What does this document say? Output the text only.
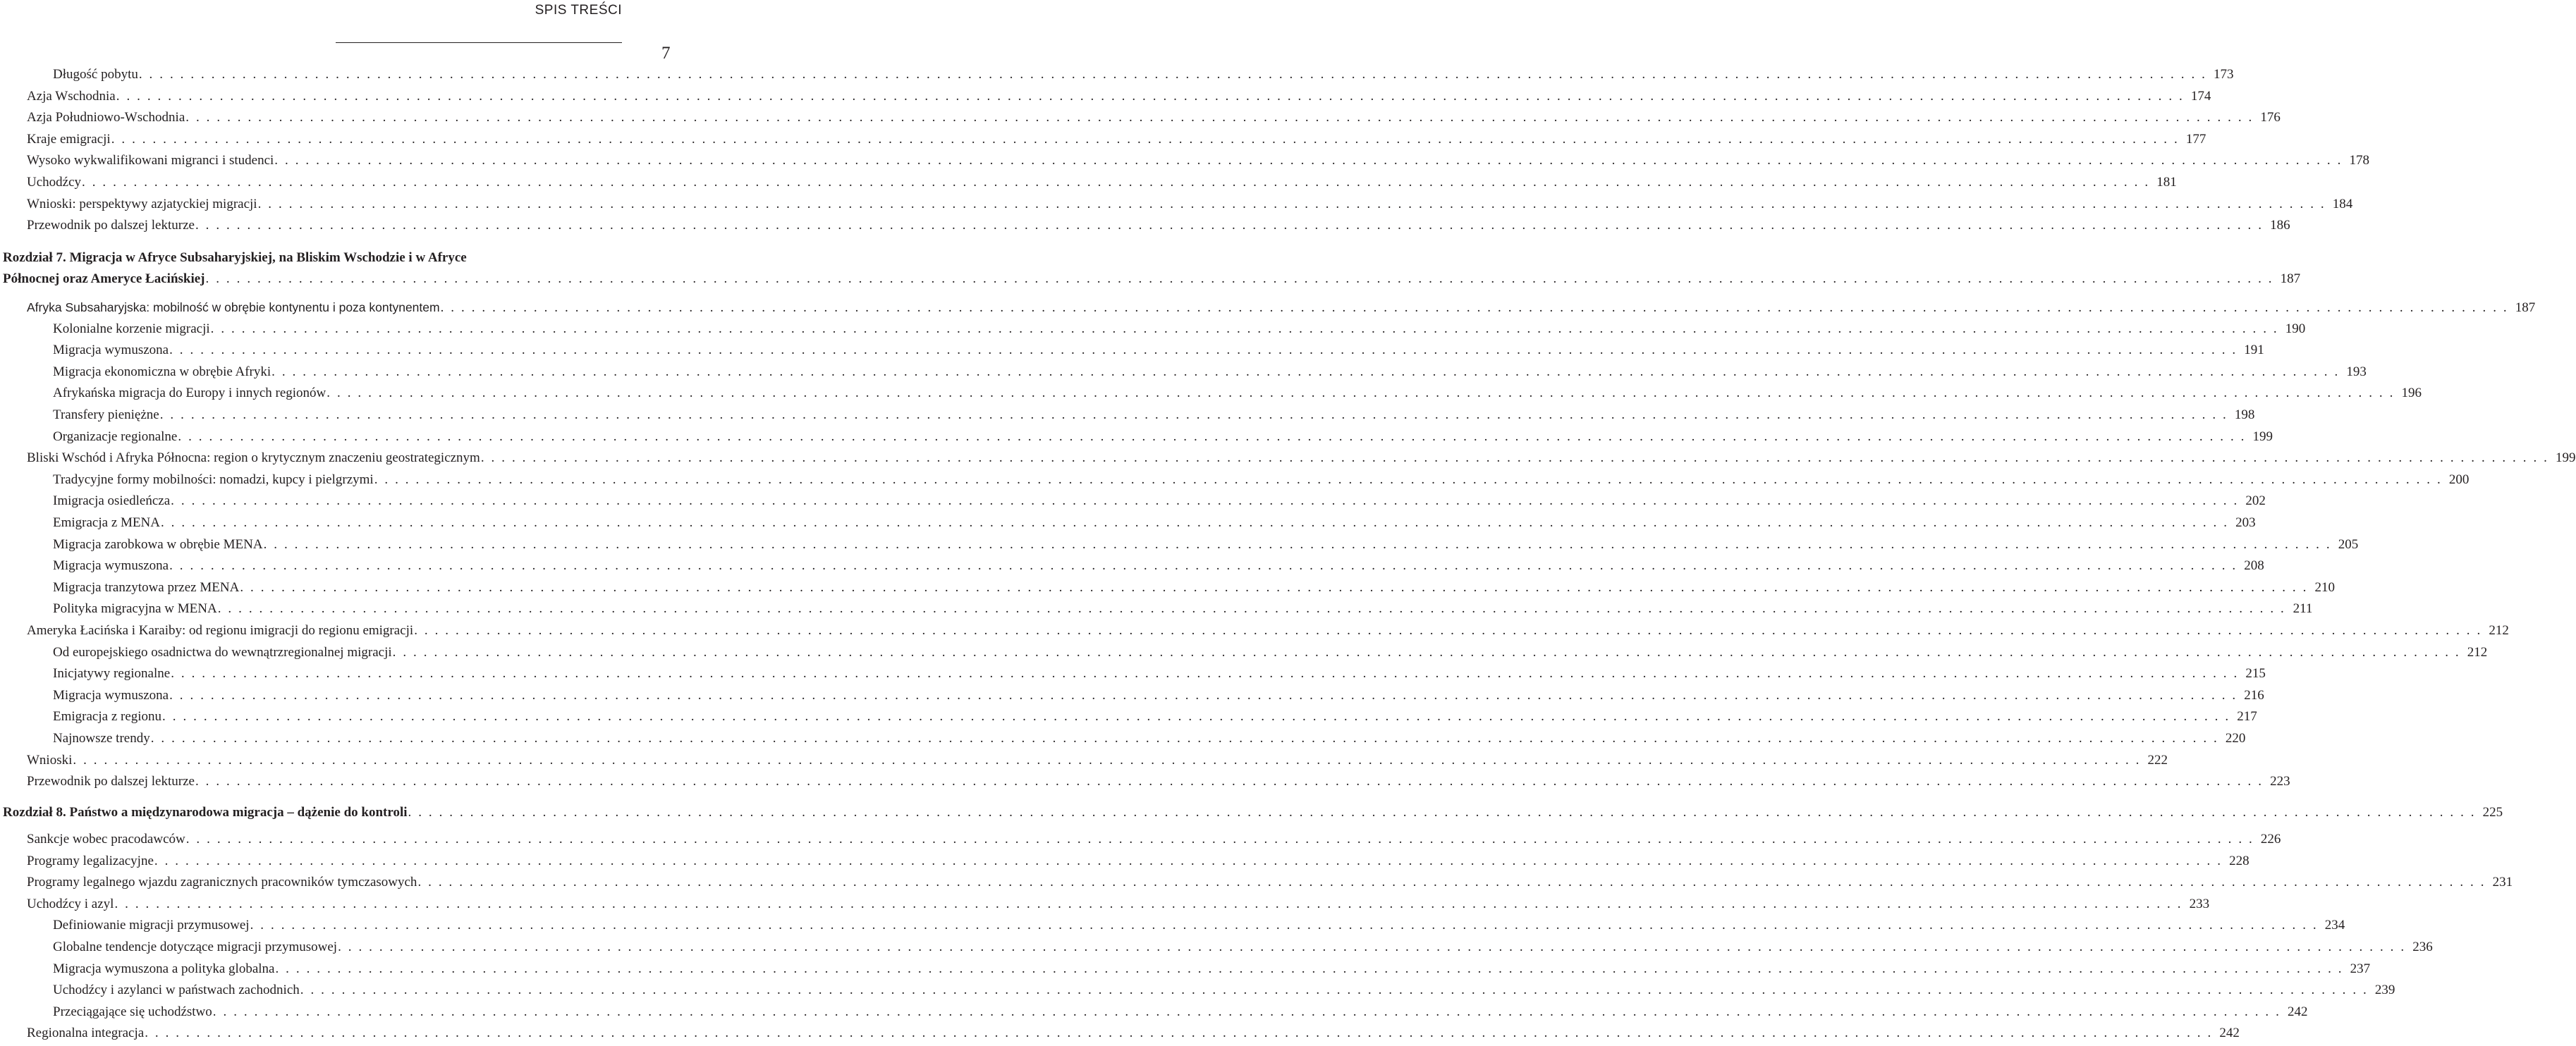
SPIS TREŚCI
7
Rozdział 7. Migracja w Afryce Subsaharyjskiej, na Bliskim Wschodzie i w Afryce
Północnej oraz Ameryce Łacińskiej . . . . . . . . . . . . . . . . . . . . . . . . . . . . . . . . . . . . . . . . . . . . . . . . . . . . . . . . . . . . . . . . . . . . . . . . . . . . . . . . . . . . . . . . . . . . . . . . . . . . . . . . . . . . . . . . . . . . . . . . . . . . . . . . . . . . . . . . . . . . . . . . . . . . . . . . . . . . . . . . . . . . . . . . . . . . . . . . . . . . . . . . . . . . . . . . . . . . . . . . 187
Długość pobytu . . . . . . . . . . . . . . . . . . . . . . . . . . . . . . . . . . . . . . . . . . . . . . . . . . . . . . . . . . . . . . . . . . . . . . . . . . . . . . . . . . . . . . . . . . . . . . . . . . . . . . . . . . . . . . . . . . . . . . . . . . . . . . . . . . . . . . . . . . . . . . . . . . . . . . . . . . . . . . . . . . . . . . . . . . . . . . . . . . . . . . . . . . . . . . . . . . . . . . . . 173
Azja Wschodnia . . . . . . . . . . . . . . . . . . . . . . . . . . . . . . . . . . . . . . . . . . . . . . . . . . . . . . . . . . . . . . . . . . . . . . . . . . . . . . . . . . . . . . . . . . . . . . . . . . . . . . . . . . . . . . . . . . . . . . . . . . . . . . . . . . . . . . . . . . . . . . . . . . . . . . . . . . . . . . . . . . . . . . . . . . . . . . . . . . . . . . . . . . . . . . . . . . . . . . . . 174
Azja Południowo-Wschodnia . . . . . . . . . . . . . . . . . . . . . . . . . . . . . . . . . . . . . . . . . . . . . . . . . . . . . . . . . . . . . . . . . . . . . . . . . . . . . . . . . . . . . . . . . . . . . . . . . . . . . . . . . . . . . . . . . . . . . . . . . . . . . . . . . . . . . . . . . . . . . . . . . . . . . . . . . . . . . . . . . . . . . . . . . . . . . . . . . . . . . . . . . . . . . . . . . . . . . . . . 176
Kraje emigracji . . . . . . . . . . . . . . . . . . . . . . . . . . . . . . . . . . . . . . . . . . . . . . . . . . . . . . . . . . . . . . . . . . . . . . . . . . . . . . . . . . . . . . . . . . . . . . . . . . . . . . . . . . . . . . . . . . . . . . . . . . . . . . . . . . . . . . . . . . . . . . . . . . . . . . . . . . . . . . . . . . . . . . . . . . . . . . . . . . . . . . . . . . . . . . . . . . . . . . . . 177
Wysoko wykwalifikowani migranci i studenci . . . . . . . . . . . . . . . . . . . . . . . . . . . . . . . . . . . . . . . . . . . . . . . . . . . . . . . . . . . . . . . . . . . . . . . . . . . . . . . . . . . . . . . . . . . . . . . . . . . . . . . . . . . . . . . . . . . . . . . . . . . . . . . . . . . . . . . . . . . . . . . . . . . . . . . . . . . . . . . . . . . . . . . . . . . . . . . . . . . . . . . . . . . . . . . . . . . . . . . . 178
Uchodźcy . . . . . . . . . . . . . . . . . . . . . . . . . . . . . . . . . . . . . . . . . . . . . . . . . . . . . . . . . . . . . . . . . . . . . . . . . . . . . . . . . . . . . . . . . . . . . . . . . . . . . . . . . . . . . . . . . . . . . . . . . . . . . . . . . . . . . . . . . . . . . . . . . . . . . . . . . . . . . . . . . . . . . . . . . . . . . . . . . . . . . . . . . . . . . . . . . . . . . . . . 181
Wnioski: perspektywy azjatyckiej migracji . . . . . . . . . . . . . . . . . . . . . . . . . . . . . . . . . . . . . . . . . . . . . . . . . . . . . . . . . . . . . . . . . . . . . . . . . . . . . . . . . . . . . . . . . . . . . . . . . . . . . . . . . . . . . . . . . . . . . . . . . . . . . . . . . . . . . . . . . . . . . . . . . . . . . . . . . . . . . . . . . . . . . . . . . . . . . . . . . . . . . . . . . . . . . . . . . . . . . . . . 184
Przewodnik po dalszej lekturze . . . . . . . . . . . . . . . . . . . . . . . . . . . . . . . . . . . . . . . . . . . . . . . . . . . . . . . . . . . . . . . . . . . . . . . . . . . . . . . . . . . . . . . . . . . . . . . . . . . . . . . . . . . . . . . . . . . . . . . . . . . . . . . . . . . . . . . . . . . . . . . . . . . . . . . . . . . . . . . . . . . . . . . . . . . . . . . . . . . . . . . . . . . . . . . . . . . . . . . . 186
Afryka Subsaharyjska: mobilność w obrębie kontynentu i poza kontynentem . . . . . . . . . . . . . . . . . . . . . . . . . . . . . . . . . . . . . . . . . . . . . . . . . . . . . . . . . . . . . . . . . . . . . . . . . . . . . . . . . . . . . . . . . . . . . . . . . . . . . . . . . . . . . . . . . . . . . . . . . . . . . . . . . . . . . . . . . . . . . . . . . . . . . . . . . . . . . . . . . . . . . . . . . . . . . . . . . . . . . . . . . . . . . . . . . . . . . . . . 187
Kolonialne korzenie migracji . . . . . . . . . . . . . . . . . . . . . . . . . . . . . . . . . . . . . . . . . . . . . . . . . . . . . . . . . . . . . . . . . . . . . . . . . . . . . . . . . . . . . . . . . . . . . . . . . . . . . . . . . . . . . . . . . . . . . . . . . . . . . . . . . . . . . . . . . . . . . . . . . . . . . . . . . . . . . . . . . . . . . . . . . . . . . . . . . . . . . . . . . . . . . . . . . . . . . . . . 190
Migracja wymuszona . . . . . . . . . . . . . . . . . . . . . . . . . . . . . . . . . . . . . . . . . . . . . . . . . . . . . . . . . . . . . . . . . . . . . . . . . . . . . . . . . . . . . . . . . . . . . . . . . . . . . . . . . . . . . . . . . . . . . . . . . . . . . . . . . . . . . . . . . . . . . . . . . . . . . . . . . . . . . . . . . . . . . . . . . . . . . . . . . . . . . . . . . . . . . . . . . . . . . . . . 191
Migracja ekonomiczna w obrębie Afryki . . . . . . . . . . . . . . . . . . . . . . . . . . . . . . . . . . . . . . . . . . . . . . . . . . . . . . . . . . . . . . . . . . . . . . . . . . . . . . . . . . . . . . . . . . . . . . . . . . . . . . . . . . . . . . . . . . . . . . . . . . . . . . . . . . . . . . . . . . . . . . . . . . . . . . . . . . . . . . . . . . . . . . . . . . . . . . . . . . . . . . . . . . . . . . . . . . . . . . . . 193
Afrykańska migracja do Europy i innych regionów . . . . . . . . . . . . . . . . . . . . . . . . . . . . . . . . . . . . . . . . . . . . . . . . . . . . . . . . . . . . . . . . . . . . . . . . . . . . . . . . . . . . . . . . . . . . . . . . . . . . . . . . . . . . . . . . . . . . . . . . . . . . . . . . . . . . . . . . . . . . . . . . . . . . . . . . . . . . . . . . . . . . . . . . . . . . . . . . . . . . . . . . . . . . . . . . . . . . . . . . 196
Transfery pieniężne . . . . . . . . . . . . . . . . . . . . . . . . . . . . . . . . . . . . . . . . . . . . . . . . . . . . . . . . . . . . . . . . . . . . . . . . . . . . . . . . . . . . . . . . . . . . . . . . . . . . . . . . . . . . . . . . . . . . . . . . . . . . . . . . . . . . . . . . . . . . . . . . . . . . . . . . . . . . . . . . . . . . . . . . . . . . . . . . . . . . . . . . . . . . . . . . . . . . . . . . 198
Organizacje regionalne . . . . . . . . . . . . . . . . . . . . . . . . . . . . . . . . . . . . . . . . . . . . . . . . . . . . . . . . . . . . . . . . . . . . . . . . . . . . . . . . . . . . . . . . . . . . . . . . . . . . . . . . . . . . . . . . . . . . . . . . . . . . . . . . . . . . . . . . . . . . . . . . . . . . . . . . . . . . . . . . . . . . . . . . . . . . . . . . . . . . . . . . . . . . . . . . . . . . . . . . 199
Bliski Wschód i Afryka Północna: region o krytycznym znaczeniu geostrategicznym . . . . . . . . . . . . . . . . . . . . . . . . . . . . . . . . . . . . . . . . . . . . . . . . . . . . . . . . . . . . . . . . . . . . . . . . . . . . . . . . . . . . . . . . . . . . . . . . . . . . . . . . . . . . . . . . . . . . . . . . . . . . . . . . . . . . . . . . . . . . . . . . . . . . . . . . . . . . . . . . . . . . . . . . . . . . . . . . . . . . . . . . . . . . . . . . . . . . . . . . 199
Tradycyjne formy mobilności: nomadzi, kupcy i pielgrzymi . . . . . . . . . . . . . . . . . . . . . . . . . . . . . . . . . . . . . . . . . . . . . . . . . . . . . . . . . . . . . . . . . . . . . . . . . . . . . . . . . . . . . . . . . . . . . . . . . . . . . . . . . . . . . . . . . . . . . . . . . . . . . . . . . . . . . . . . . . . . . . . . . . . . . . . . . . . . . . . . . . . . . . . . . . . . . . . . . . . . . . . . . . . . . . . . . . . . . . . . 200
Imigracja osiedleńcza . . . . . . . . . . . . . . . . . . . . . . . . . . . . . . . . . . . . . . . . . . . . . . . . . . . . . . . . . . . . . . . . . . . . . . . . . . . . . . . . . . . . . . . . . . . . . . . . . . . . . . . . . . . . . . . . . . . . . . . . . . . . . . . . . . . . . . . . . . . . . . . . . . . . . . . . . . . . . . . . . . . . . . . . . . . . . . . . . . . . . . . . . . . . . . . . . . . . . . . . 202
Emigracja z MENA . . . . . . . . . . . . . . . . . . . . . . . . . . . . . . . . . . . . . . . . . . . . . . . . . . . . . . . . . . . . . . . . . . . . . . . . . . . . . . . . . . . . . . . . . . . . . . . . . . . . . . . . . . . . . . . . . . . . . . . . . . . . . . . . . . . . . . . . . . . . . . . . . . . . . . . . . . . . . . . . . . . . . . . . . . . . . . . . . . . . . . . . . . . . . . . . . . . . . . . . 203
Migracja zarobkowa w obrębie MENA . . . . . . . . . . . . . . . . . . . . . . . . . . . . . . . . . . . . . . . . . . . . . . . . . . . . . . . . . . . . . . . . . . . . . . . . . . . . . . . . . . . . . . . . . . . . . . . . . . . . . . . . . . . . . . . . . . . . . . . . . . . . . . . . . . . . . . . . . . . . . . . . . . . . . . . . . . . . . . . . . . . . . . . . . . . . . . . . . . . . . . . . . . . . . . . . . . . . . . . . 205
Migracja wymuszona . . . . . . . . . . . . . . . . . . . . . . . . . . . . . . . . . . . . . . . . . . . . . . . . . . . . . . . . . . . . . . . . . . . . . . . . . . . . . . . . . . . . . . . . . . . . . . . . . . . . . . . . . . . . . . . . . . . . . . . . . . . . . . . . . . . . . . . . . . . . . . . . . . . . . . . . . . . . . . . . . . . . . . . . . . . . . . . . . . . . . . . . . . . . . . . . . . . . . . . . 208
Migracja tranzytowa przez MENA . . . . . . . . . . . . . . . . . . . . . . . . . . . . . . . . . . . . . . . . . . . . . . . . . . . . . . . . . . . . . . . . . . . . . . . . . . . . . . . . . . . . . . . . . . . . . . . . . . . . . . . . . . . . . . . . . . . . . . . . . . . . . . . . . . . . . . . . . . . . . . . . . . . . . . . . . . . . . . . . . . . . . . . . . . . . . . . . . . . . . . . . . . . . . . . . . . . . . . . . 210
Polityka migracyjna w MENA . . . . . . . . . . . . . . . . . . . . . . . . . . . . . . . . . . . . . . . . . . . . . . . . . . . . . . . . . . . . . . . . . . . . . . . . . . . . . . . . . . . . . . . . . . . . . . . . . . . . . . . . . . . . . . . . . . . . . . . . . . . . . . . . . . . . . . . . . . . . . . . . . . . . . . . . . . . . . . . . . . . . . . . . . . . . . . . . . . . . . . . . . . . . . . . . . . . . . . . . 211
Ameryka Łacińska i Karaiby: od regionu imigracji do regionu emigracji . . . . . . . . . . . . . . . . . . . . . . . . . . . . . . . . . . . . . . . . . . . . . . . . . . . . . . . . . . . . . . . . . . . . . . . . . . . . . . . . . . . . . . . . . . . . . . . . . . . . . . . . . . . . . . . . . . . . . . . . . . . . . . . . . . . . . . . . . . . . . . . . . . . . . . . . . . . . . . . . . . . . . . . . . . . . . . . . . . . . . . . . . . . . . . . . . . . . . . . . 212
Od europejskiego osadnictwa do wewnątrzregionalnej migracji . . . . . . . . . . . . . . . . . . . . . . . . . . . . . . . . . . . . . . . . . . . . . . . . . . . . . . . . . . . . . . . . . . . . . . . . . . . . . . . . . . . . . . . . . . . . . . . . . . . . . . . . . . . . . . . . . . . . . . . . . . . . . . . . . . . . . . . . . . . . . . . . . . . . . . . . . . . . . . . . . . . . . . . . . . . . . . . . . . . . . . . . . . . . . . . . . . . . . . . . 212
Inicjatywy regionalne . . . . . . . . . . . . . . . . . . . . . . . . . . . . . . . . . . . . . . . . . . . . . . . . . . . . . . . . . . . . . . . . . . . . . . . . . . . . . . . . . . . . . . . . . . . . . . . . . . . . . . . . . . . . . . . . . . . . . . . . . . . . . . . . . . . . . . . . . . . . . . . . . . . . . . . . . . . . . . . . . . . . . . . . . . . . . . . . . . . . . . . . . . . . . . . . . . . . . . . . 215
Migracja wymuszona . . . . . . . . . . . . . . . . . . . . . . . . . . . . . . . . . . . . . . . . . . . . . . . . . . . . . . . . . . . . . . . . . . . . . . . . . . . . . . . . . . . . . . . . . . . . . . . . . . . . . . . . . . . . . . . . . . . . . . . . . . . . . . . . . . . . . . . . . . . . . . . . . . . . . . . . . . . . . . . . . . . . . . . . . . . . . . . . . . . . . . . . . . . . . . . . . . . . . . . . 216
Emigracja z regionu . . . . . . . . . . . . . . . . . . . . . . . . . . . . . . . . . . . . . . . . . . . . . . . . . . . . . . . . . . . . . . . . . . . . . . . . . . . . . . . . . . . . . . . . . . . . . . . . . . . . . . . . . . . . . . . . . . . . . . . . . . . . . . . . . . . . . . . . . . . . . . . . . . . . . . . . . . . . . . . . . . . . . . . . . . . . . . . . . . . . . . . . . . . . . . . . . . . . . . . . 217
Najnowsze trendy . . . . . . . . . . . . . . . . . . . . . . . . . . . . . . . . . . . . . . . . . . . . . . . . . . . . . . . . . . . . . . . . . . . . . . . . . . . . . . . . . . . . . . . . . . . . . . . . . . . . . . . . . . . . . . . . . . . . . . . . . . . . . . . . . . . . . . . . . . . . . . . . . . . . . . . . . . . . . . . . . . . . . . . . . . . . . . . . . . . . . . . . . . . . . . . . . . . . . . . . 220
Wnioski . . . . . . . . . . . . . . . . . . . . . . . . . . . . . . . . . . . . . . . . . . . . . . . . . . . . . . . . . . . . . . . . . . . . . . . . . . . . . . . . . . . . . . . . . . . . . . . . . . . . . . . . . . . . . . . . . . . . . . . . . . . . . . . . . . . . . . . . . . . . . . . . . . . . . . . . . . . . . . . . . . . . . . . . . . . . . . . . . . . . . . . . . . . . . . . . . . . . . . . . 222
Przewodnik po dalszej lekturze . . . . . . . . . . . . . . . . . . . . . . . . . . . . . . . . . . . . . . . . . . . . . . . . . . . . . . . . . . . . . . . . . . . . . . . . . . . . . . . . . . . . . . . . . . . . . . . . . . . . . . . . . . . . . . . . . . . . . . . . . . . . . . . . . . . . . . . . . . . . . . . . . . . . . . . . . . . . . . . . . . . . . . . . . . . . . . . . . . . . . . . . . . . . . . . . . . . . . . . . 223
Rozdział 8. Państwo a międzynarodowa migracja – dążenie do kontroli . . . . . . . . . . . . . . . . . . . . . . . . . . . . . . . . . . . . . . . . . . . . . . . . . . . . . . . . . . . . . . . . . . . . . . . . . . . . . . . . . . . . . . . . . . . . . . . . . . . . . . . . . . . . . . . . . . . . . . . . . . . . . . . . . . . . . . . . . . . . . . . . . . . . . . . . . . . . . . . . . . . . . . . . . . . . . . . . . . . . . . . . . . . . . . . . . . . . . . . . 225
Sankcje wobec pracodawców . . . . . . . . . . . . . . . . . . . . . . . . . . . . . . . . . . . . . . . . . . . . . . . . . . . . . . . . . . . . . . . . . . . . . . . . . . . . . . . . . . . . . . . . . . . . . . . . . . . . . . . . . . . . . . . . . . . . . . . . . . . . . . . . . . . . . . . . . . . . . . . . . . . . . . . . . . . . . . . . . . . . . . . . . . . . . . . . . . . . . . . . . . . . . . . . . . . . . . . . 226
Programy legalizacyjne . . . . . . . . . . . . . . . . . . . . . . . . . . . . . . . . . . . . . . . . . . . . . . . . . . . . . . . . . . . . . . . . . . . . . . . . . . . . . . . . . . . . . . . . . . . . . . . . . . . . . . . . . . . . . . . . . . . . . . . . . . . . . . . . . . . . . . . . . . . . . . . . . . . . . . . . . . . . . . . . . . . . . . . . . . . . . . . . . . . . . . . . . . . . . . . . . . . . . . . . 228
Programy legalnego wjazdu zagranicznych pracowników tymczasowych . . . . . . . . . . . . . . . . . . . . . . . . . . . . . . . . . . . . . . . . . . . . . . . . . . . . . . . . . . . . . . . . . . . . . . . . . . . . . . . . . . . . . . . . . . . . . . . . . . . . . . . . . . . . . . . . . . . . . . . . . . . . . . . . . . . . . . . . . . . . . . . . . . . . . . . . . . . . . . . . . . . . . . . . . . . . . . . . . . . . . . . . . . . . . . . . . . . . . . . . 231
Uchodźcy i azyl . . . . . . . . . . . . . . . . . . . . . . . . . . . . . . . . . . . . . . . . . . . . . . . . . . . . . . . . . . . . . . . . . . . . . . . . . . . . . . . . . . . . . . . . . . . . . . . . . . . . . . . . . . . . . . . . . . . . . . . . . . . . . . . . . . . . . . . . . . . . . . . . . . . . . . . . . . . . . . . . . . . . . . . . . . . . . . . . . . . . . . . . . . . . . . . . . . . . . . . . 233
Definiowanie migracji przymusowej . . . . . . . . . . . . . . . . . . . . . . . . . . . . . . . . . . . . . . . . . . . . . . . . . . . . . . . . . . . . . . . . . . . . . . . . . . . . . . . . . . . . . . . . . . . . . . . . . . . . . . . . . . . . . . . . . . . . . . . . . . . . . . . . . . . . . . . . . . . . . . . . . . . . . . . . . . . . . . . . . . . . . . . . . . . . . . . . . . . . . . . . . . . . . . . . . . . . . . . . 234
Globalne tendencje dotyczące migracji przymusowej . . . . . . . . . . . . . . . . . . . . . . . . . . . . . . . . . . . . . . . . . . . . . . . . . . . . . . . . . . . . . . . . . . . . . . . . . . . . . . . . . . . . . . . . . . . . . . . . . . . . . . . . . . . . . . . . . . . . . . . . . . . . . . . . . . . . . . . . . . . . . . . . . . . . . . . . . . . . . . . . . . . . . . . . . . . . . . . . . . . . . . . . . . . . . . . . . . . . . . . . 236
Migracja wymuszona a polityka globalna . . . . . . . . . . . . . . . . . . . . . . . . . . . . . . . . . . . . . . . . . . . . . . . . . . . . . . . . . . . . . . . . . . . . . . . . . . . . . . . . . . . . . . . . . . . . . . . . . . . . . . . . . . . . . . . . . . . . . . . . . . . . . . . . . . . . . . . . . . . . . . . . . . . . . . . . . . . . . . . . . . . . . . . . . . . . . . . . . . . . . . . . . . . . . . . . . . . . . . . . 237
Uchodźcy i azylanci w państwach zachodnich . . . . . . . . . . . . . . . . . . . . . . . . . . . . . . . . . . . . . . . . . . . . . . . . . . . . . . . . . . . . . . . . . . . . . . . . . . . . . . . . . . . . . . . . . . . . . . . . . . . . . . . . . . . . . . . . . . . . . . . . . . . . . . . . . . . . . . . . . . . . . . . . . . . . . . . . . . . . . . . . . . . . . . . . . . . . . . . . . . . . . . . . . . . . . . . . . . . . . . . . 239
Przeciągające się uchodźstwo . . . . . . . . . . . . . . . . . . . . . . . . . . . . . . . . . . . . . . . . . . . . . . . . . . . . . . . . . . . . . . . . . . . . . . . . . . . . . . . . . . . . . . . . . . . . . . . . . . . . . . . . . . . . . . . . . . . . . . . . . . . . . . . . . . . . . . . . . . . . . . . . . . . . . . . . . . . . . . . . . . . . . . . . . . . . . . . . . . . . . . . . . . . . . . . . . . . . . . . . 242
Regionalna integracja . . . . . . . . . . . . . . . . . . . . . . . . . . . . . . . . . . . . . . . . . . . . . . . . . . . . . . . . . . . . . . . . . . . . . . . . . . . . . . . . . . . . . . . . . . . . . . . . . . . . . . . . . . . . . . . . . . . . . . . . . . . . . . . . . . . . . . . . . . . . . . . . . . . . . . . . . . . . . . . . . . . . . . . . . . . . . . . . . . . . . . . . . . . . . . . . . . . . . . . . 242
